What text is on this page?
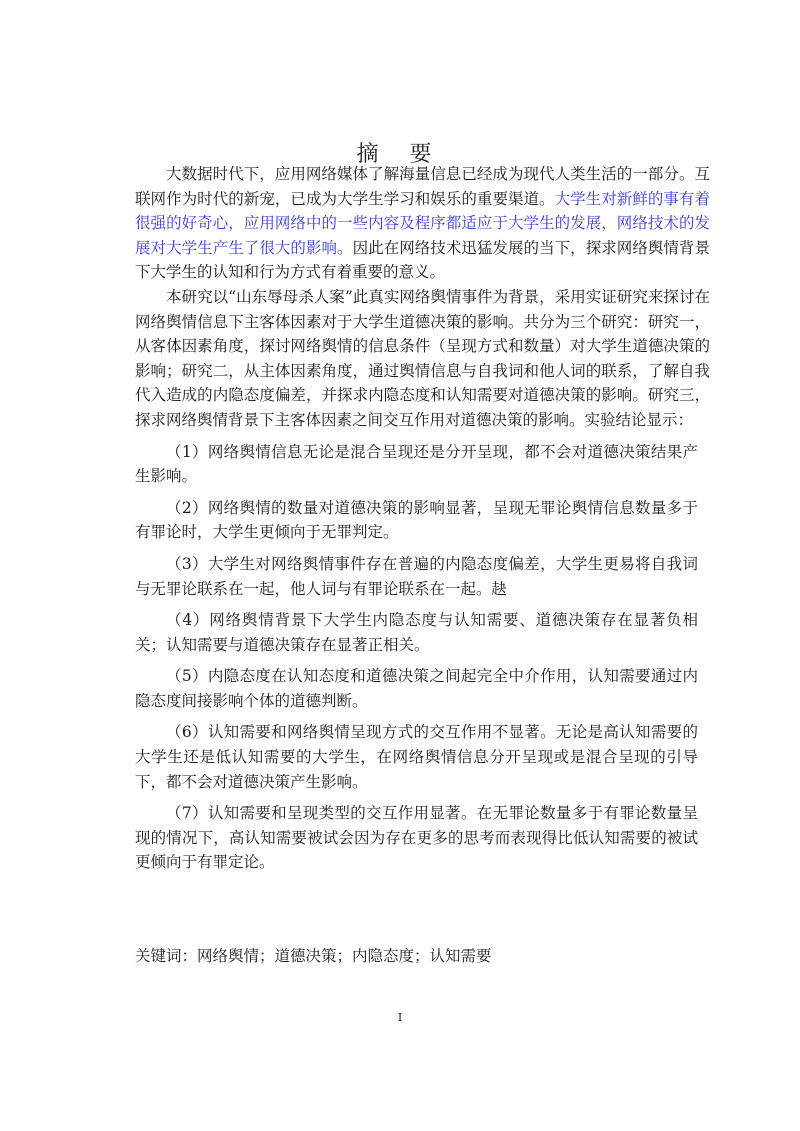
摘 要

大数据时代下，应用网络媒体了解海量信息已经成为现代人类生活的一部分。互联网作为时代的新宠，已成为大学生学习和娱乐的重要渠道。大学生对新鲜的事有着很强的好奇心，应用网络中的一些内容及程序都适应于大学生的发展，网络技术的发展对大学生产生了很大的影响。因此在网络技术迅猛发展的当下，探求网络舆情背景下大学生的认知和行为方式有着重要的意义。

本研究以“山东辱母杀人案”此真实网络舆情事件为背景，采用实证研究来探讨在网络舆情信息下主客体因素对于大学生道德决策的影响。共分为三个研究：研究一，从客体因素角度，探讨网络舆情的信息条件（呈现方式和数量）对大学生道德决策的影响；研究二，从主体因素角度，通过舆情信息与自我词和他人词的联系，了解自我代入造成的内隐态度偏差，并探求内隐态度和认知需要对道德决策的影响。研究三，探求网络舆情背景下主客体因素之间交互作用对道德决策的影响。实验结论显示：

（1）网络舆情信息无论是混合呈现还是分开呈现，都不会对道德决策结果产生影响。

（2）网络舆情的数量对道德决策的影响显著，呈现无罪论舆情信息数量多于有罪论时，大学生更倾向于无罪判定。

（3）大学生对网络舆情事件存在普遍的内隐态度偏差，大学生更易将自我词与无罪论联系在一起，他人词与有罪论联系在一起。赽

（4）网络舆情背景下大学生内隐态度与认知需要、道德决策存在显著负相关；认知需要与道德决策存在显著正相关。

（5）内隐态度在认知态度和道德决策之间起完全中介作用，认知需要通过内隐态度间接影响个体的道德判断。

（6）认知需要和网络舆情呈现方式的交互作用不显著。无论是高认知需要的大学生还是低认知需要的大学生，在网络舆情信息分开呈现或是混合呈现的引导下，都不会对道德决策产生影响。

（7）认知需要和呈现类型的交互作用显著。在无罪论数量多于有罪论数量呈现的情况下，高认知需要被试会因为存在更多的思考而表现得比低认知需要的被试更倾向于有罪定论。

关键词：网络舆情；道德决策；内隐态度；认知需要
I
